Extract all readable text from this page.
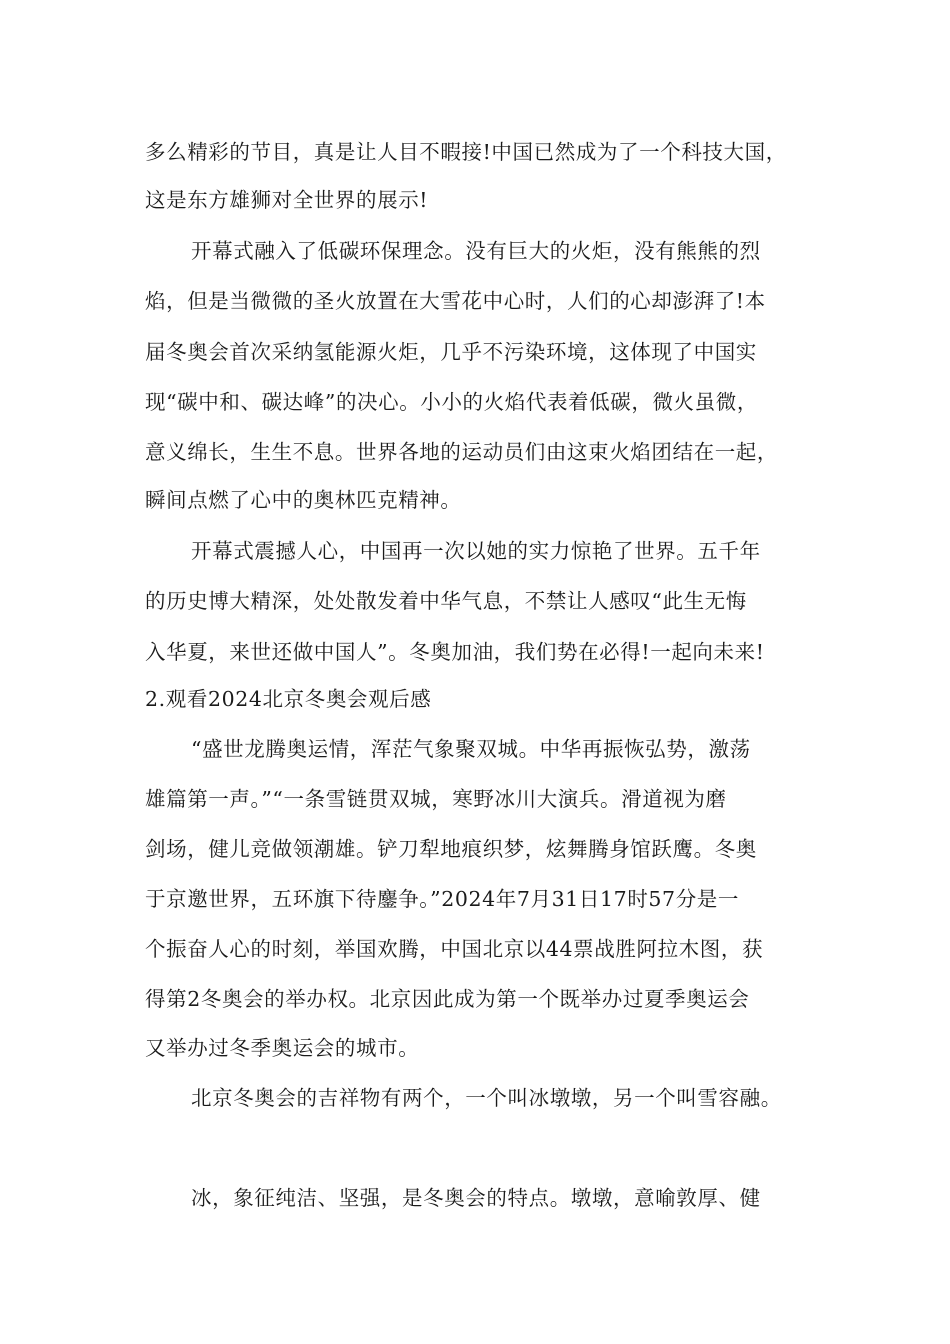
多么精彩的节目，真是让人目不暇接!中国已然成为了一个科技大国，
这是东方雄狮对全世界的展示!
开幕式融入了低碳环保理念。没有巨大的火炬，没有熊熊的烈
焰，但是当微微的圣火放置在大雪花中心时，人们的心却澎湃了!本
届冬奥会首次采纳氢能源火炬，几乎不污染环境，这体现了中国实
现“碳中和、碳达峰”的决心。小小的火焰代表着低碳，微火虽微，
意义绵长，生生不息。世界各地的运动员们由这束火焰团结在一起，
瞬间点燃了心中的奥林匹克精神。
开幕式震撼人心，中国再一次以她的实力惊艳了世界。五千年
的历史博大精深，处处散发着中华气息，不禁让人感叹“此生无悔
入华夏，来世还做中国人”。冬奥加油，我们势在必得!一起向未来!
2.观看2024北京冬奥会观后感
“盛世龙腾奥运情，浑茫气象聚双城。中华再振恢弘势，激荡
雄篇第一声。”“一条雪链贯双城，寒野冰川大演兵。滑道视为磨
剑场，健儿竞做领潮雄。铲刀犁地痕织梦，炫舞腾身馆跃鹰。冬奥
于京邀世界，五环旗下待鏖争。”2024年7月31日17时57分是一
个振奋人心的时刻，举国欢腾，中国北京以44票战胜阿拉木图，获
得第2冬奥会的举办权。北京因此成为第一个既举办过夏季奥运会
又举办过冬季奥运会的城市。
北京冬奥会的吉祥物有两个，一个叫冰墩墩，另一个叫雪容融。
冰，象征纯洁、坚强，是冬奥会的特点。墩墩，意喻敦厚、健
